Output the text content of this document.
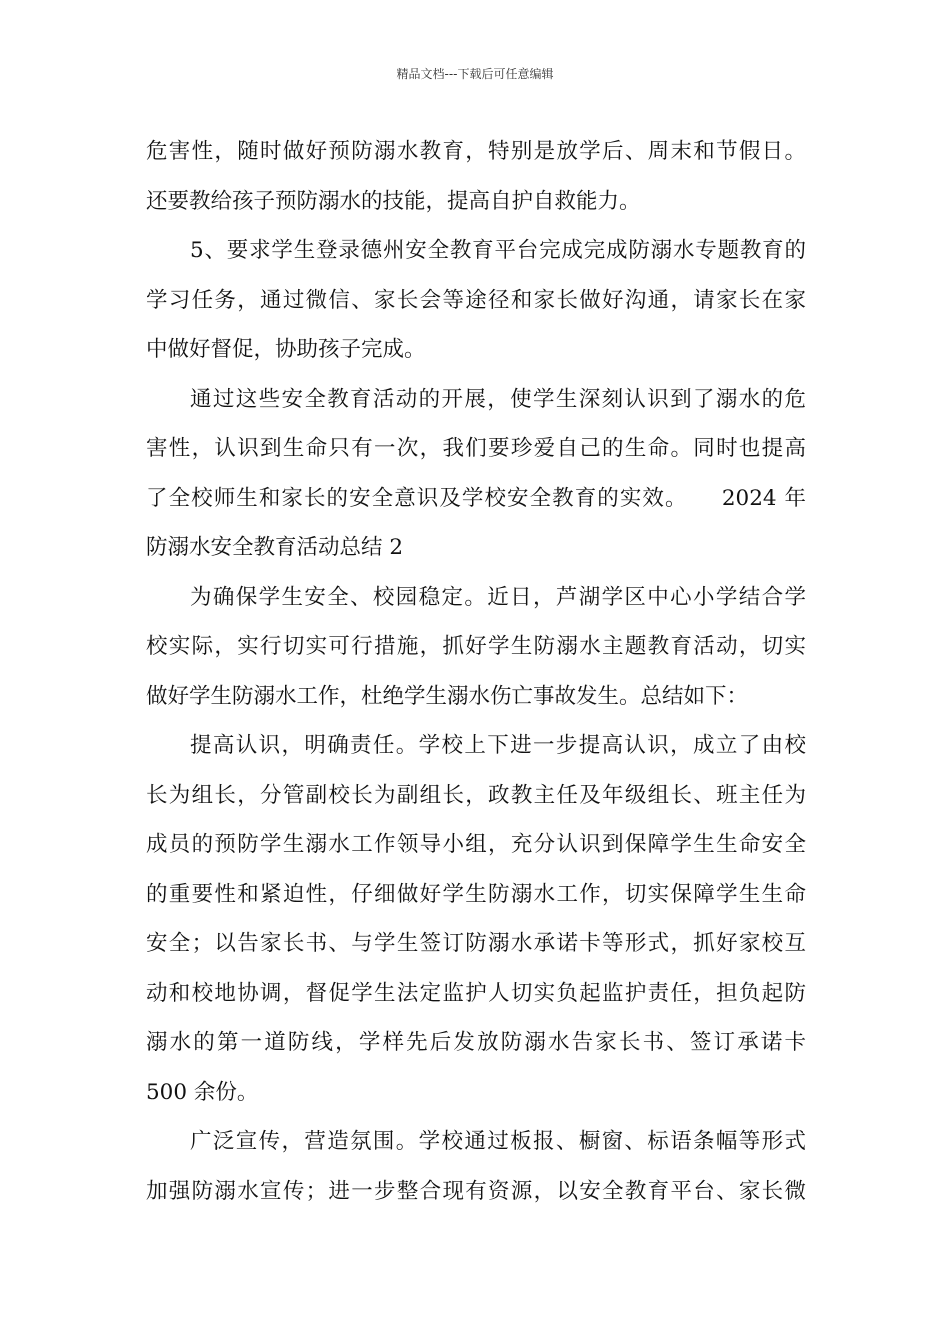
精品文档---下载后可任意编辑
危害性，随时做好预防溺水教育，特别是放学后、周末和节假日。
还要教给孩子预防溺水的技能，提高自护自救能力。
5、要求学生登录德州安全教育平台完成完成防溺水专题教育的
学习任务，通过微信、家长会等途径和家长做好沟通，请家长在家
中做好督促，协助孩子完成。
通过这些安全教育活动的开展，使学生深刻认识到了溺水的危
害性，认识到生命只有一次，我们要珍爱自己的生命。同时也提高
了全校师生和家长的安全意识及学校安全教育的实效。　　2024 年
防溺水安全教育活动总结 2
为确保学生安全、校园稳定。近日，芦湖学区中心小学结合学
校实际，实行切实可行措施，抓好学生防溺水主题教育活动，切实
做好学生防溺水工作，杜绝学生溺水伤亡事故发生。总结如下：
提高认识，明确责任。学校上下进一步提高认识，成立了由校
长为组长，分管副校长为副组长，政教主任及年级组长、班主任为
成员的预防学生溺水工作领导小组，充分认识到保障学生生命安全
的重要性和紧迫性，仔细做好学生防溺水工作，切实保障学生生命
安全；以告家长书、与学生签订防溺水承诺卡等形式，抓好家校互
动和校地协调，督促学生法定监护人切实负起监护责任，担负起防
溺水的第一道防线，学样先后发放防溺水告家长书、签订承诺卡
500 余份。
广泛宣传，营造氛围。学校通过板报、橱窗、标语条幅等形式
加强防溺水宣传；进一步整合现有资源，以安全教育平台、家长微
